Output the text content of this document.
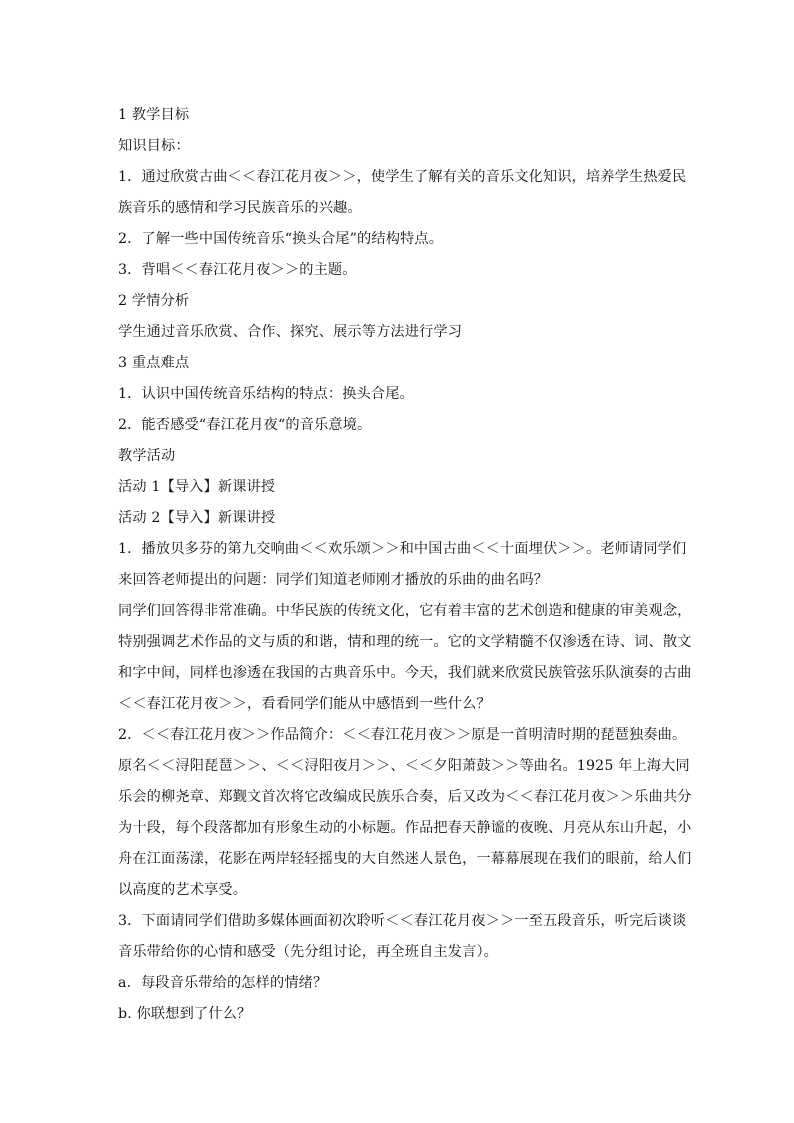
1 教学目标
知识目标：
1．通过欣赏古曲＜＜春江花月夜＞＞，使学生了解有关的音乐文化知识，培养学生热爱民
族音乐的感情和学习民族音乐的兴趣。
2．了解一些中国传统音乐“换头合尾”的结构特点。
3．背唱＜＜春江花月夜＞＞的主题。
2 学情分析
学生通过音乐欣赏、合作、探究、展示等方法进行学习
3 重点难点
1．认识中国传统音乐结构的特点：换头合尾。
2．能否感受“春江花月夜“的音乐意境。
教学活动
活动 1【导入】新课讲授
活动 2【导入】新课讲授
1．播放贝多芬的第九交响曲＜＜欢乐颂＞＞和中国古曲＜＜十面埋伏＞＞。老师请同学们
来回答老师提出的问题：同学们知道老师刚才播放的乐曲的曲名吗？
同学们回答得非常准确。中华民族的传统文化，它有着丰富的艺术创造和健康的审美观念，
特别强调艺术作品的文与质的和谐，情和理的统一。它的文学精髓不仅渗透在诗、词、散文
和字中间，同样也渗透在我国的古典音乐中。今天，我们就来欣赏民族管弦乐队演奏的古曲
＜＜春江花月夜＞＞，看看同学们能从中感悟到一些什么？
2．＜＜春江花月夜＞＞作品简介：＜＜春江花月夜＞＞原是一首明清时期的琵琶独奏曲。
原名＜＜浔阳琵琶＞＞、＜＜浔阳夜月＞＞、＜＜夕阳萧鼓＞＞等曲名。1925 年上海大同
乐会的柳尧章、郑觐文首次将它改编成民族乐合奏，后又改为＜＜春江花月夜＞＞乐曲共分
为十段，每个段落都加有形象生动的小标题。作品把春天静谧的夜晚、月亮从东山升起，小
舟在江面荡漾，花影在两岸轻轻摇曳的大自然迷人景色，一幕幕展现在我们的眼前，给人们
以高度的艺术享受。
3．下面请同学们借助多媒体画面初次聆听＜＜春江花月夜＞＞一至五段音乐，听完后谈谈
音乐带给你的心情和感受（先分组讨论，再全班自主发言）。
a．每段音乐带给的怎样的情绪？
b. 你联想到了什么？
